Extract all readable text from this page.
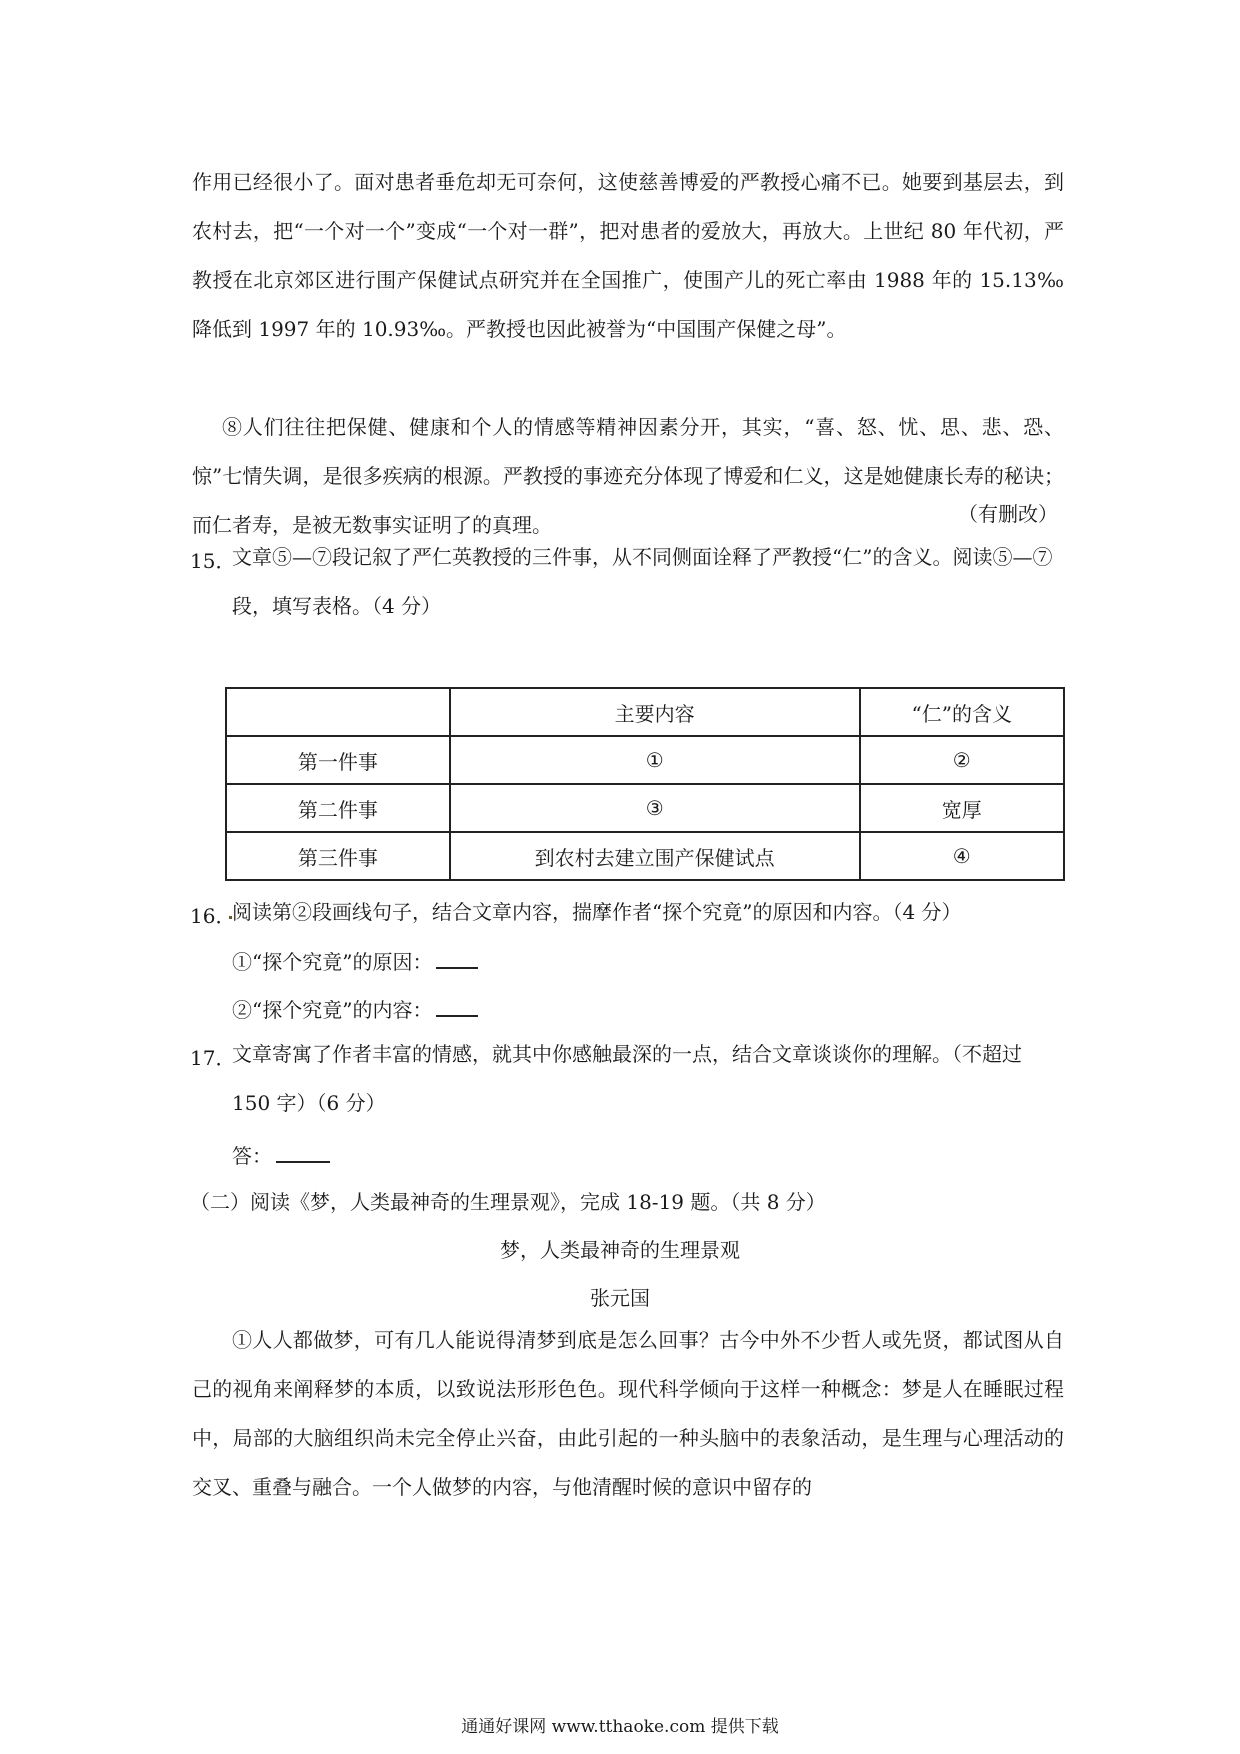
作用已经很小了。面对患者垂危却无可奈何，这使慈善博爱的严教授心痛不已。她要到基层去，到农村去，把“一个对一个”变成“一个对一群”，把对患者的爱放大，再放大。上世纪 80 年代初，严教授在北京郊区进行围产保健试点研究并在全国推广，使围产儿的死亡率由 1988 年的 15.13‰降低到 1997 年的 10.93‰。严教授也因此被誉为“中国围产保健之母”。

⑧人们往往把保健、健康和个人的情感等精神因素分开，其实，“喜、怒、忧、思、悲、恐、惊”七情失调，是很多疾病的根源。严教授的事迹充分体现了博爱和仁义，这是她健康长寿的秘诀；而仁者寿，是被无数事实证明了的真理。	（有删改）
15．

文章⑤—⑦段记叙了严仁英教授的三件事，从不同侧面诠释了严教授“仁”的含义。阅读⑤—⑦段，填写表格。（4 分）

	主要内容	“仁”的含义
第一件事	①	②
第二件事	③	宽厚
第三件事	到农村去建立围产保健试点	④
16．

阅读第②段画线句子，结合文章内容，揣摩作者“探个究竟”的原因和内容。（4 分）

①“探个究竟”的原因：
②“探个究竟”的内容：
17．

文章寄寓了作者丰富的情感，就其中你感触最深的一点，结合文章谈谈你的理解。（不超过 150 字）（6 分）

答：
（二）阅读《梦，人类最神奇的生理景观》，完成 18-19 题。（共 8 分）
梦，人类最神奇的生理景观
张元国

①人人都做梦，可有几人能说得清梦到底是怎么回事？古今中外不少哲人或先贤，都试图从自己的视角来阐释梦的本质，以致说法形形色色。现代科学倾向于这样一种概念：梦是人在睡眠过程中，局部的大脑组织尚未完全停止兴奋，由此引起的一种头脑中的表象活动，是生理与心理活动的交叉、重叠与融合。一个人做梦的内容，与他清醒时候的意识中留存的

通通好课网 www.tthaoke.com 提供下载
